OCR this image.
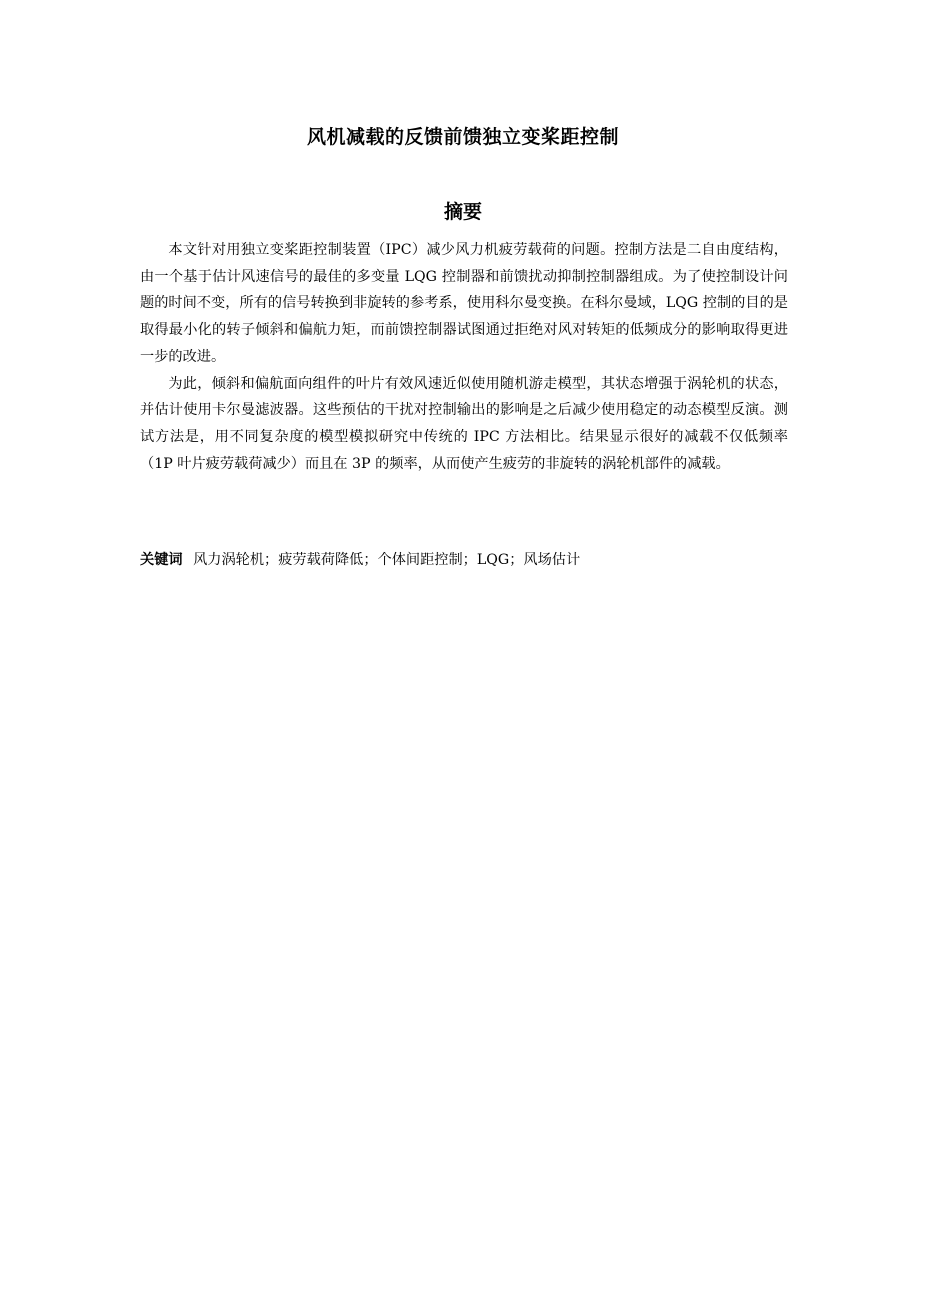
风机减载的反馈前馈独立变桨距控制
摘要

本文针对用独立变桨距控制装置（IPC）减少风力机疲劳载荷的问题。控制方法是二自由度结构，由一个基于估计风速信号的最佳的多变量 LQG 控制器和前馈扰动抑制控制器组成。为了使控制设计问题的时间不变，所有的信号转换到非旋转的参考系，使用科尔曼变换。在科尔曼域，LQG 控制的目的是取得最小化的转子倾斜和偏航力矩，而前馈控制器试图通过拒绝对风对转矩的低频成分的影响取得更进一步的改进。

为此，倾斜和偏航面向组件的叶片有效风速近似使用随机游走模型，其状态增强于涡轮机的状态，并估计使用卡尔曼滤波器。这些预估的干扰对控制输出的影响是之后减少使用稳定的动态模型反演。测试方法是，用不同复杂度的模型模拟研究中传统的 IPC 方法相比。结果显示很好的减载不仅低频率（1P 叶片疲劳载荷减少）而且在 3P 的频率，从而使产生疲劳的非旋转的涡轮机部件的减载。

关键词 风力涡轮机；疲劳载荷降低；个体间距控制；LQG；风场估计
